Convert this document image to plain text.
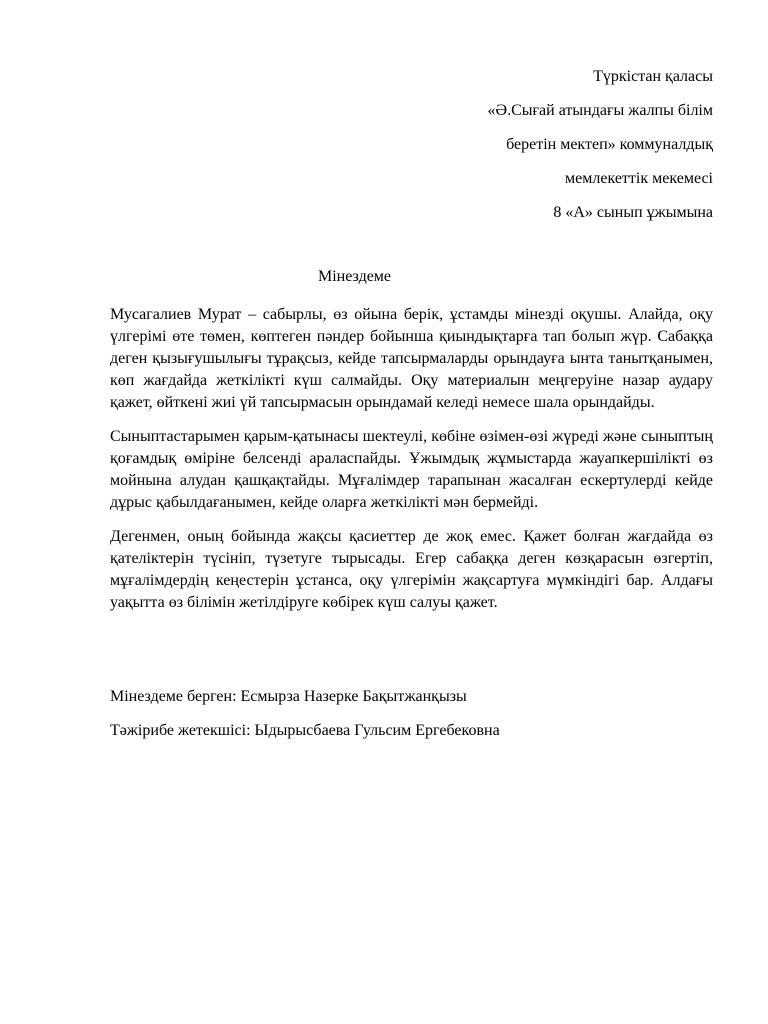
Түркістан қаласы
«Ә.Сығай атындағы жалпы білім
беретін мектеп» коммуналдық
мемлекеттік мекемесі
8 «А» сынып ұжымына
Мінездеме

Мусагалиев Мурат – сабырлы, өз ойына берік, ұстамды мінезді оқушы. Алайда, оқу үлгерімі өте төмен, көптеген пәндер бойынша қиындықтарға тап болып жүр. Сабаққа деген қызығушылығы тұрақсыз, кейде тапсырмаларды орындауға ынта танытқанымен, көп жағдайда жеткілікті күш салмайды. Оқу материалын меңгеруіне назар аудару қажет, өйткені жиі үй тапсырмасын орындамай келеді немесе шала орындайды.

Сыныптастарымен қарым-қатынасы шектеулі, көбіне өзімен-өзі жүреді және сыныптың қоғамдық өміріне белсенді араласпайды. Ұжымдық жұмыстарда жауапкершілікті өз мойнына алудан қашқақтайды. Мұғалімдер тарапынан жасалған ескертулерді кейде дұрыс қабылдағанымен, кейде оларға жеткілікті мән бермейді.

Дегенмен, оның бойында жақсы қасиеттер де жоқ емес. Қажет болған жағдайда өз қателіктерін түсініп, түзетуге тырысады. Егер сабаққа деген көзқарасын өзгертіп, мұғалімдердің кеңестерін ұстанса, оқу үлгерімін жақсартуға мүмкіндігі бар. Алдағы уақытта өз білімін жетілдіруге көбірек күш салуы қажет.

Мінездеме берген: Есмырза Назерке Бақытжанқызы
Тәжірибе жетекшісі: Ыдырысбаева Гульсим Ергебековна
